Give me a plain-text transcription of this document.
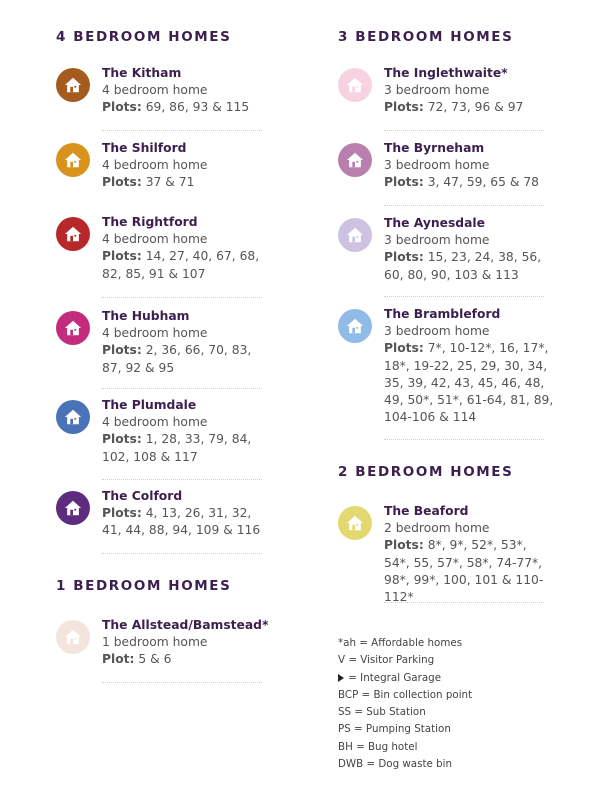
4 BEDROOM HOMES
The Kitham
4 bedroom home
Plots: 69, 86, 93 & 115
The Shilford
4 bedroom home
Plots: 37 & 71
The Rightford
4 bedroom home
Plots: 14, 27, 40, 67, 68, 82, 85, 91 & 107
The Hubham
4 bedroom home
Plots: 2, 36, 66, 70, 83, 87, 92 & 95
The Plumdale
4 bedroom home
Plots: 1, 28, 33, 79, 84, 102, 108 & 117
The Colford
Plots: 4, 13, 26, 31, 32, 41, 44, 88, 94, 109 & 116
1 BEDROOM HOMES
The Allstead/Bamstead*
1 bedroom home
Plot: 5 & 6
3 BEDROOM HOMES
The Inglethwaite*
3 bedroom home
Plots: 72, 73, 96 & 97
The Byrneham
3 bedroom home
Plots: 3, 47, 59, 65 & 78
The Aynesdale
3 bedroom home
Plots: 15, 23, 24, 38, 56, 60, 80, 90, 103 & 113
The Brambleford
3 bedroom home
Plots: 7*, 10-12*, 16, 17*, 18*, 19-22, 25, 29, 30, 34, 35, 39, 42, 43, 45, 46, 48, 49, 50*, 51*, 61-64, 81, 89, 104-106 & 114
2 BEDROOM HOMES
The Beaford
2 bedroom home
Plots: 8*, 9*, 52*, 53*, 54*, 55, 57*, 58*, 74-77*, 98*, 99*, 100, 101 & 110-112*
*ah = Affordable homes
V = Visitor Parking
= Integral Garage
BCP = Bin collection point
SS = Sub Station
PS = Pumping Station
BH = Bug hotel
DWB = Dog waste bin
